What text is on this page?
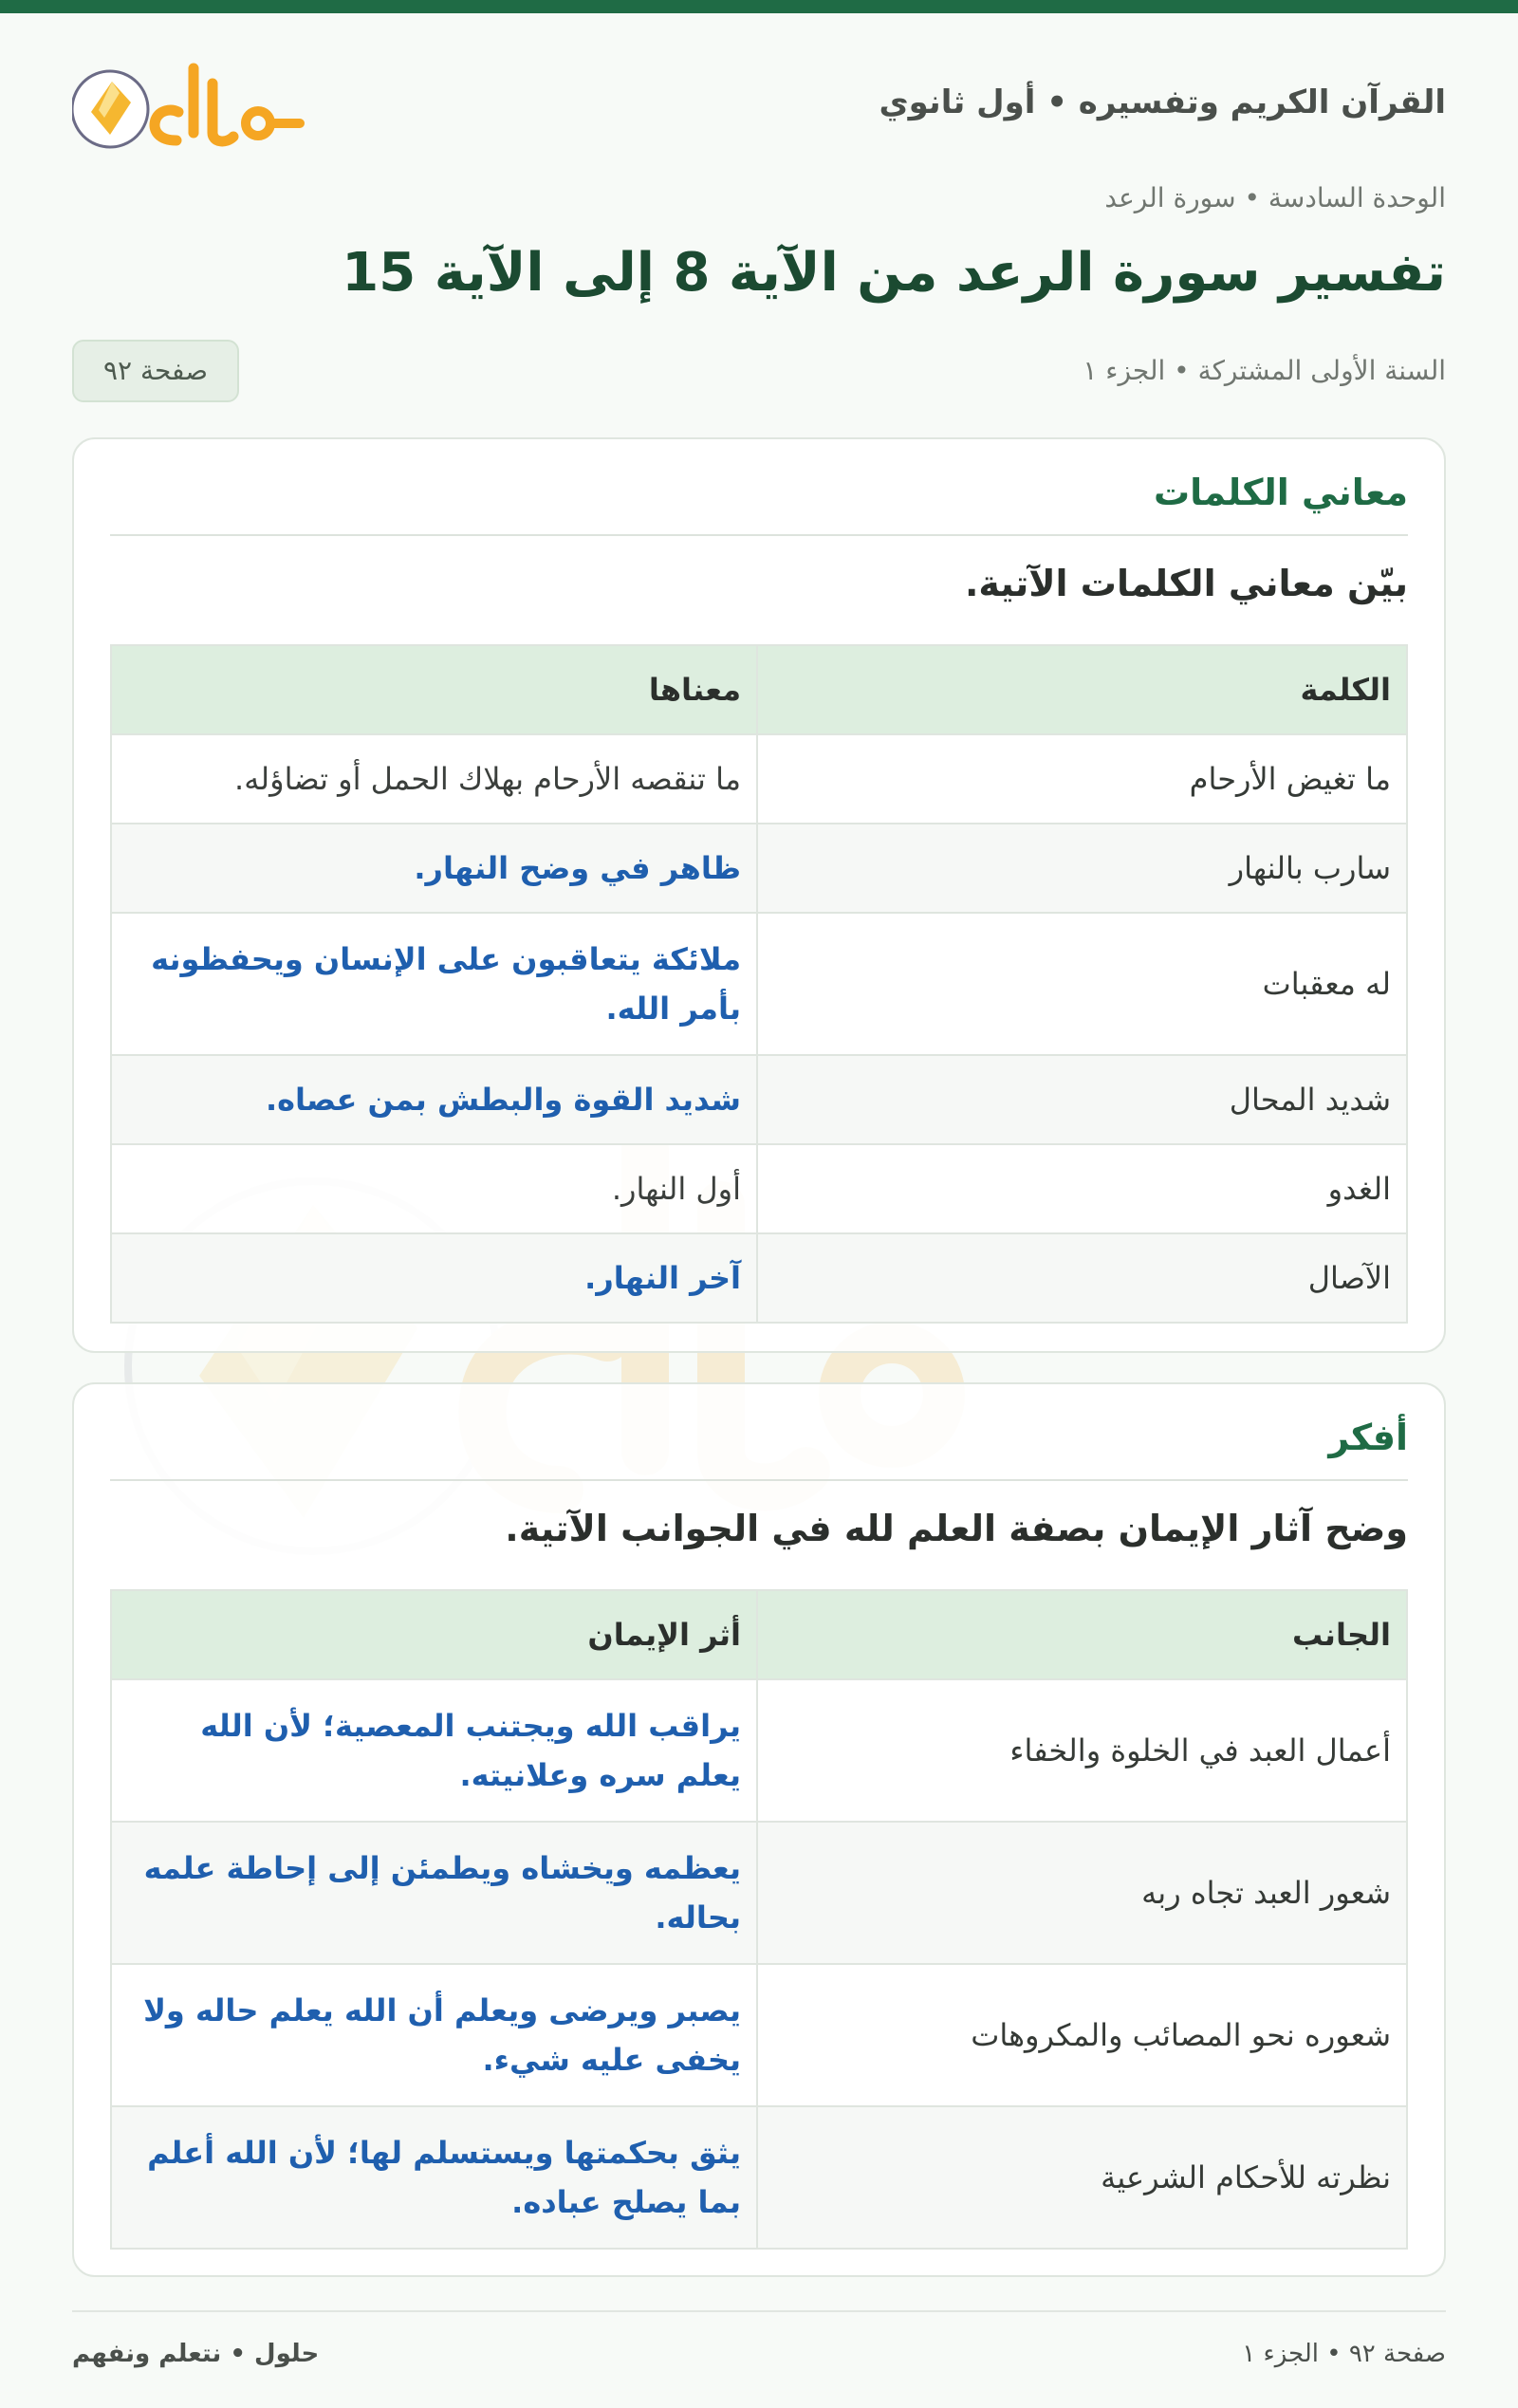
القرآن الكريم وتفسيره • أول ثانوي
الوحدة السادسة • سورة الرعد
تفسير سورة الرعد من الآية 8 إلى الآية 15
السنة الأولى المشتركة • الجزء ١
صفحة ٩٢
معاني الكلمات
بيّن معاني الكلمات الآتية.
الكلمة	معناها
ما تغيض الأرحام	ما تنقصه الأرحام بهلاك الحمل أو تضاؤله.
سارب بالنهار	ظاهر في وضح النهار.
له معقبات	ملائكة يتعاقبون على الإنسان ويحفظونه بأمر الله.
شديد المحال	شديد القوة والبطش بمن عصاه.
الغدو	أول النهار.
الآصال	آخر النهار.
أفكر
وضح آثار الإيمان بصفة العلم لله في الجوانب الآتية.
الجانب	أثر الإيمان
أعمال العبد في الخلوة والخفاء	يراقب الله ويجتنب المعصية؛ لأن الله يعلم سره وعلانيته.
شعور العبد تجاه ربه	يعظمه ويخشاه ويطمئن إلى إحاطة علمه بحاله.
شعوره نحو المصائب والمكروهات	يصبر ويرضى ويعلم أن الله يعلم حاله ولا يخفى عليه شيء.
نظرته للأحكام الشرعية	يثق بحكمتها ويستسلم لها؛ لأن الله أعلم بما يصلح عباده.
صفحة ٩٢ • الجزء ١
حلول • نتعلم ونفهم
